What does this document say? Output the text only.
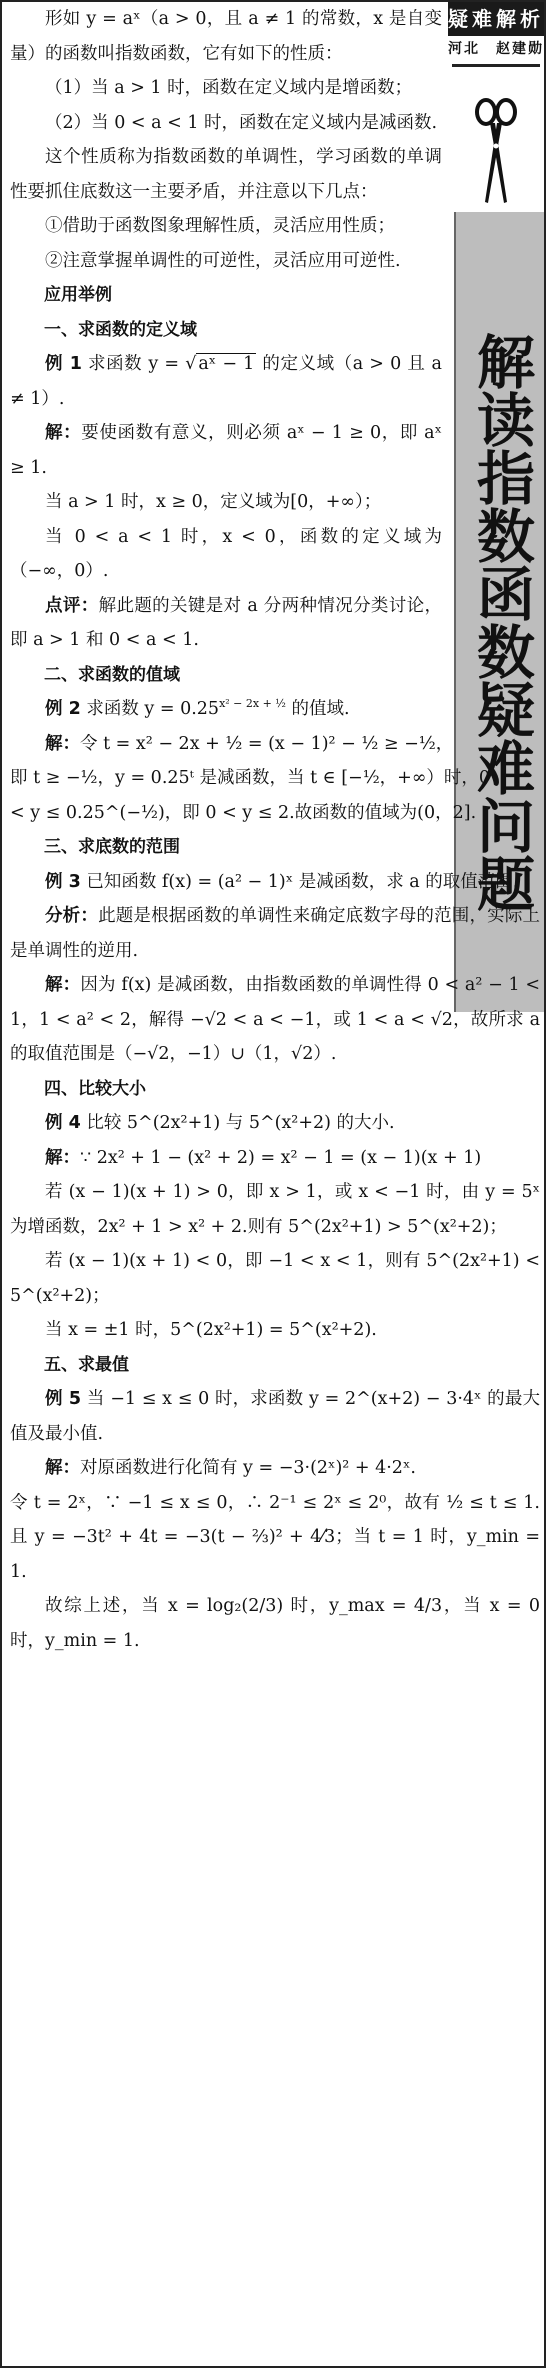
疑难解析
河北　赵建勋
解读指数函数疑难问题

形如 y = aˣ（a > 0，且 a ≠ 1 的常数，x 是自变量）的函数叫指数函数，它有如下的性质：

（1）当 a > 1 时，函数在定义域内是增函数；

（2）当 0 < a < 1 时，函数在定义域内是减函数.

这个性质称为指数函数的单调性，学习函数的单调性要抓住底数这一主要矛盾，并注意以下几点：

①借助于函数图象理解性质，灵活应用性质；

②注意掌握单调性的可逆性，灵活应用可逆性.

应用举例

一、求函数的定义域

例 1 求函数 y = √ aˣ − 1 的定义域（a > 0 且 a ≠ 1）.

解：要使函数有意义，则必须 aˣ − 1 ≥ 0，即 aˣ ≥ 1.

当 a > 1 时，x ≥ 0，定义域为[0，+∞）；

当 0 < a < 1 时，x < 0，函数的定义域为（−∞，0）.

点评：解此题的关键是对 a 分两种情况分类讨论，即 a > 1 和 0 < a < 1.

二、求函数的值域

例 2 求函数 $y = 0.25^{x^2 - 2x + \frac{1}{2}}$ 的值域.

解：令 t = x² − 2x + ½ = (x − 1)² − ½ ≥ −½，

即 t ≥ −½，y = 0.25ᵗ 是减函数，当 t ∈ [−½，+∞）时，0

< y ≤ 0.25^(−½)，即 0 < y ≤ 2.故函数的值域为(0，2].

三、求底数的范围

例 3 已知函数 f(x) = (a² − 1)ˣ 是减函数，求 a 的取值范围.

分析：此题是根据函数的单调性来确定底数字母的范围，实际上是单调性的逆用.

解：因为 f(x) 是减函数，由指数函数的单调性得 0 < a² − 1 < 1，1 < a² < 2，解得 −√2 < a < −1，或 1 < a < √2，故所求 a 的取值范围是（−√2，−1）∪（1，√2）.

四、比较大小

例 4 比较 5^(2x²+1) 与 5^(x²+2) 的大小.

解：∵ 2x² + 1 − (x² + 2) = x² − 1 = (x − 1)(x + 1)

若 (x − 1)(x + 1) > 0，即 x > 1，或 x < −1 时，由 y = 5ˣ 为增函数，2x² + 1 > x² + 2.则有 5^(2x²+1) > 5^(x²+2)；

若 (x − 1)(x + 1) < 0，即 −1 < x < 1，则有 5^(2x²+1) < 5^(x²+2)；

当 x = ±1 时，5^(2x²+1) = 5^(x²+2).

五、求最值

例 5 当 −1 ≤ x ≤ 0 时，求函数 y = 2^(x+2) − 3·4ˣ 的最大值及最小值.

解：对原函数进行化简有 y = −3·(2ˣ)² + 4·2ˣ.

令 t = 2ˣ，∵ −1 ≤ x ≤ 0，∴ 2⁻¹ ≤ 2ˣ ≤ 2⁰，故有 ½ ≤ t ≤ 1. 且 y = −3t² + 4t = −3(t − ⅔)² + 4⁄3；当 t = 1 时，y_min = 1.

故综上述，当 x = log₂(2/3) 时，y_max = 4/3，当 x = 0 时，y_min = 1.
